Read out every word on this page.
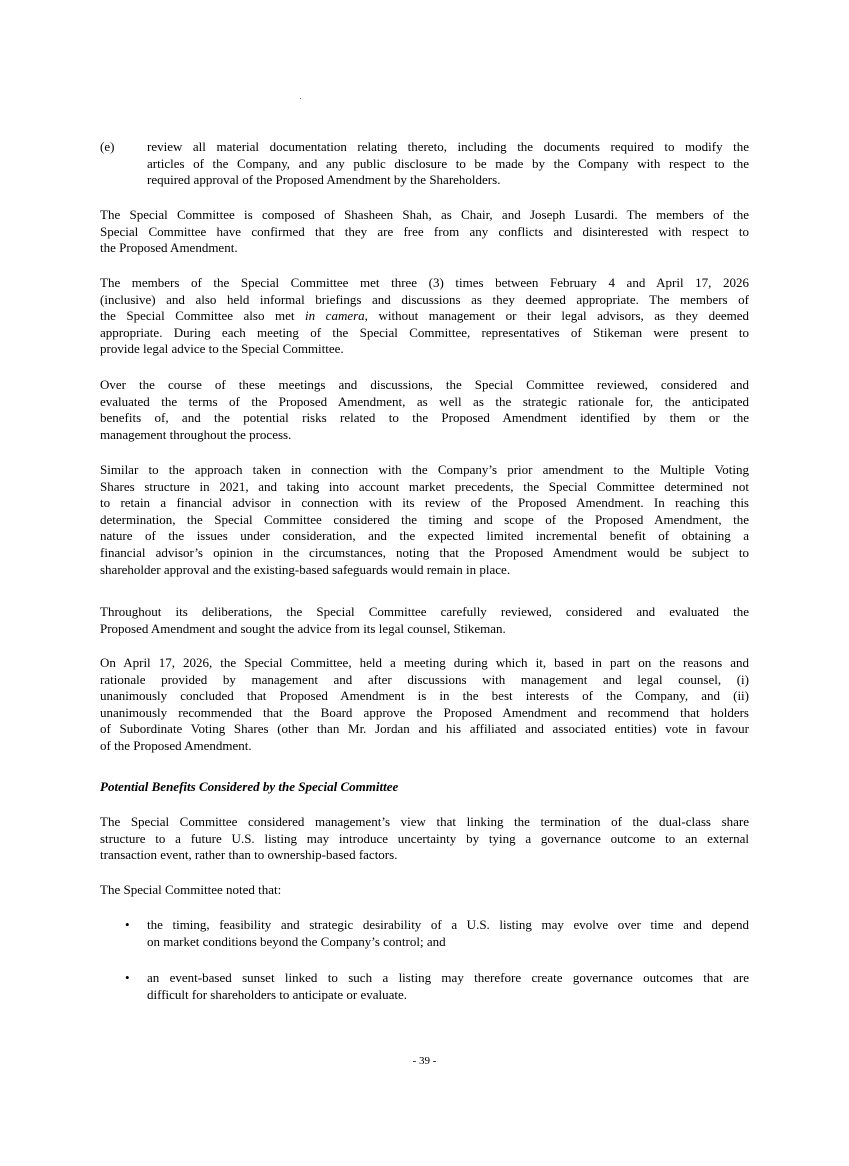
(e)	review all material documentation relating thereto, including the documents required to modify the
articles of the Company, and any public disclosure to be made by the Company with respect to the
required approval of the Proposed Amendment by the Shareholders.

The Special Committee is composed of Shasheen Shah, as Chair, and Joseph Lusardi. The members of the
Special Committee have confirmed that they are free from any conflicts and disinterested with respect to
the Proposed Amendment.

The members of the Special Committee met three (3) times between February 4 and April 17, 2026
(inclusive) and also held informal briefings and discussions as they deemed appropriate. The members of
the Special Committee also met in camera, without management or their legal advisors, as they deemed
appropriate. During each meeting of the Special Committee, representatives of Stikeman were present to
provide legal advice to the Special Committee.

Over the course of these meetings and discussions, the Special Committee reviewed, considered and
evaluated the terms of the Proposed Amendment, as well as the strategic rationale for, the anticipated
benefits of, and the potential risks related to the Proposed Amendment identified by them or the
management throughout the process.

Similar to the approach taken in connection with the Company’s prior amendment to the Multiple Voting
Shares structure in 2021, and taking into account market precedents, the Special Committee determined not
to retain a financial advisor in connection with its review of the Proposed Amendment. In reaching this
determination, the Special Committee considered the timing and scope of the Proposed Amendment, the
nature of the issues under consideration, and the expected limited incremental benefit of obtaining a
financial advisor’s opinion in the circumstances, noting that the Proposed Amendment would be subject to
shareholder approval and the existing-based safeguards would remain in place.

Throughout its deliberations, the Special Committee carefully reviewed, considered and evaluated the
Proposed Amendment and sought the advice from its legal counsel, Stikeman.

On April 17, 2026, the Special Committee, held a meeting during which it, based in part on the reasons and
rationale provided by management and after discussions with management and legal counsel, (i)
unanimously concluded that Proposed Amendment is in the best interests of the Company, and (ii)
unanimously recommended that the Board approve the Proposed Amendment and recommend that holders
of Subordinate Voting Shares (other than Mr. Jordan and his affiliated and associated entities) vote in favour
of the Proposed Amendment.

Potential Benefits Considered by the Special Committee

The Special Committee considered management’s view that linking the termination of the dual-class share
structure to a future U.S. listing may introduce uncertainty by tying a governance outcome to an external
transaction event, rather than to ownership-based factors.

The Special Committee noted that:

• the timing, feasibility and strategic desirability of a U.S. listing may evolve over time and depend
on market conditions beyond the Company’s control; and

• an event-based sunset linked to such a listing may therefore create governance outcomes that are
difficult for shareholders to anticipate or evaluate.

- 39 -
